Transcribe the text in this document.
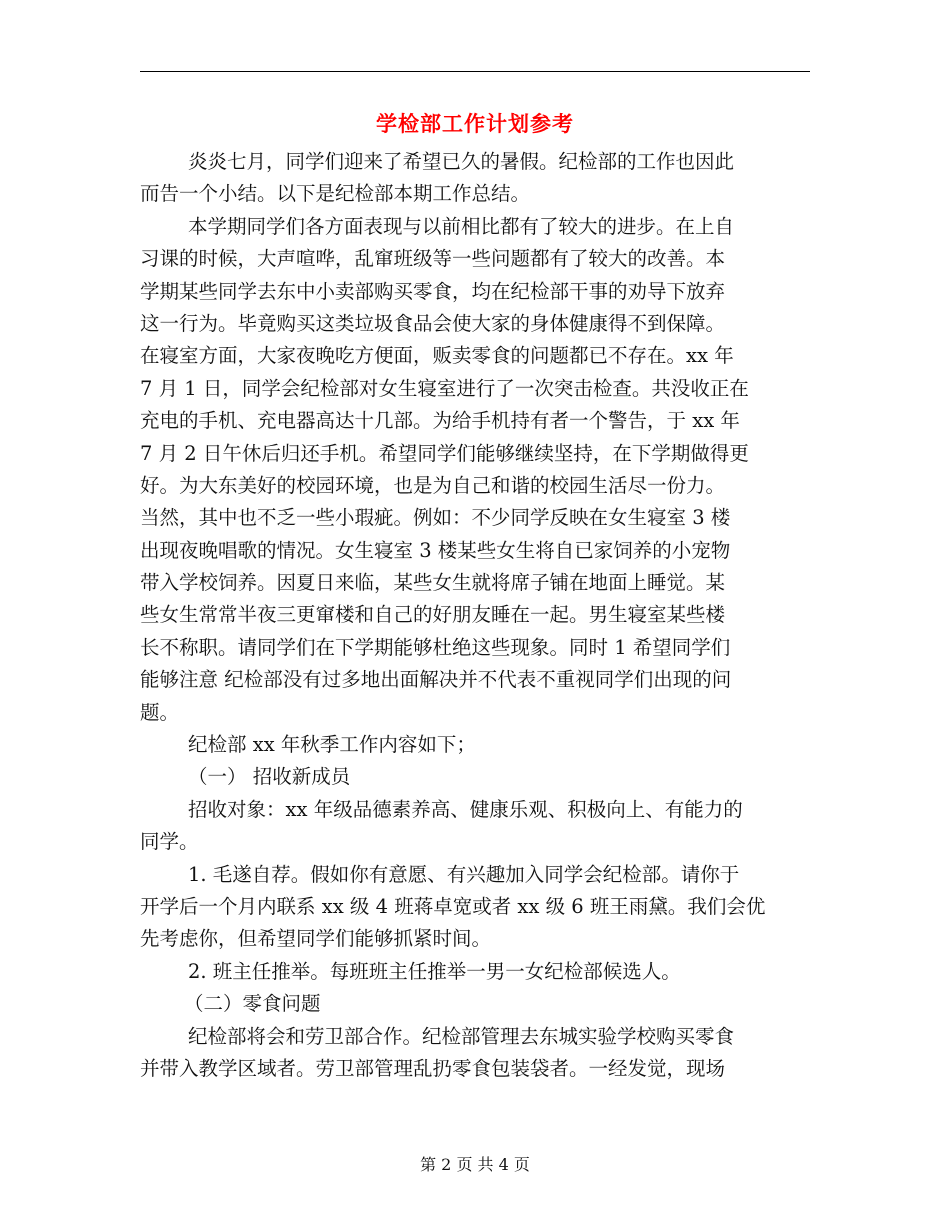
学检部工作计划参考
炎炎七月，同学们迎来了希望已久的暑假。纪检部的工作也因此
而告一个小结。以下是纪检部本期工作总结。
本学期同学们各方面表现与以前相比都有了较大的进步。在上自
习课的时候，大声喧哗，乱窜班级等一些问题都有了较大的改善。本
学期某些同学去东中小卖部购买零食，均在纪检部干事的劝导下放弃
这一行为。毕竟购买这类垃圾食品会使大家的身体健康得不到保障。
在寝室方面，大家夜晚吃方便面，贩卖零食的问题都已不存在。xx 年
7 月 1 日，同学会纪检部对女生寝室进行了一次突击检查。共没收正在
充电的手机、充电器高达十几部。为给手机持有者一个警告，于 xx 年
7 月 2 日午休后归还手机。希望同学们能够继续坚持，在下学期做得更
好。为大东美好的校园环境，也是为自己和谐的校园生活尽一份力。
当然，其中也不乏一些小瑕疵。例如：不少同学反映在女生寝室 3 楼
出现夜晚唱歌的情况。女生寝室 3 楼某些女生将自已家饲养的小宠物
带入学校饲养。因夏日来临，某些女生就将席子铺在地面上睡觉。某
些女生常常半夜三更窜楼和自己的好朋友睡在一起。男生寝室某些楼
长不称职。请同学们在下学期能够杜绝这些现象。同时 1 希望同学们
能够注意 纪检部没有过多地出面解决并不代表不重视同学们出现的问
题。
纪检部 xx 年秋季工作内容如下；
（一） 招收新成员
招收对象：xx 年级品德素养高、健康乐观、积极向上、有能力的
同学。
1. 毛遂自荐。假如你有意愿、有兴趣加入同学会纪检部。请你于
开学后一个月内联系 xx 级 4 班蒋卓宽或者 xx 级 6 班王雨黛。我们会优
先考虑你，但希望同学们能够抓紧时间。
2. 班主任推举。每班班主任推举一男一女纪检部候选人。
（二）零食问题
纪检部将会和劳卫部合作。纪检部管理去东城实验学校购买零食
并带入教学区域者。劳卫部管理乱扔零食包装袋者。一经发觉，现场
第 2 页 共 4 页
